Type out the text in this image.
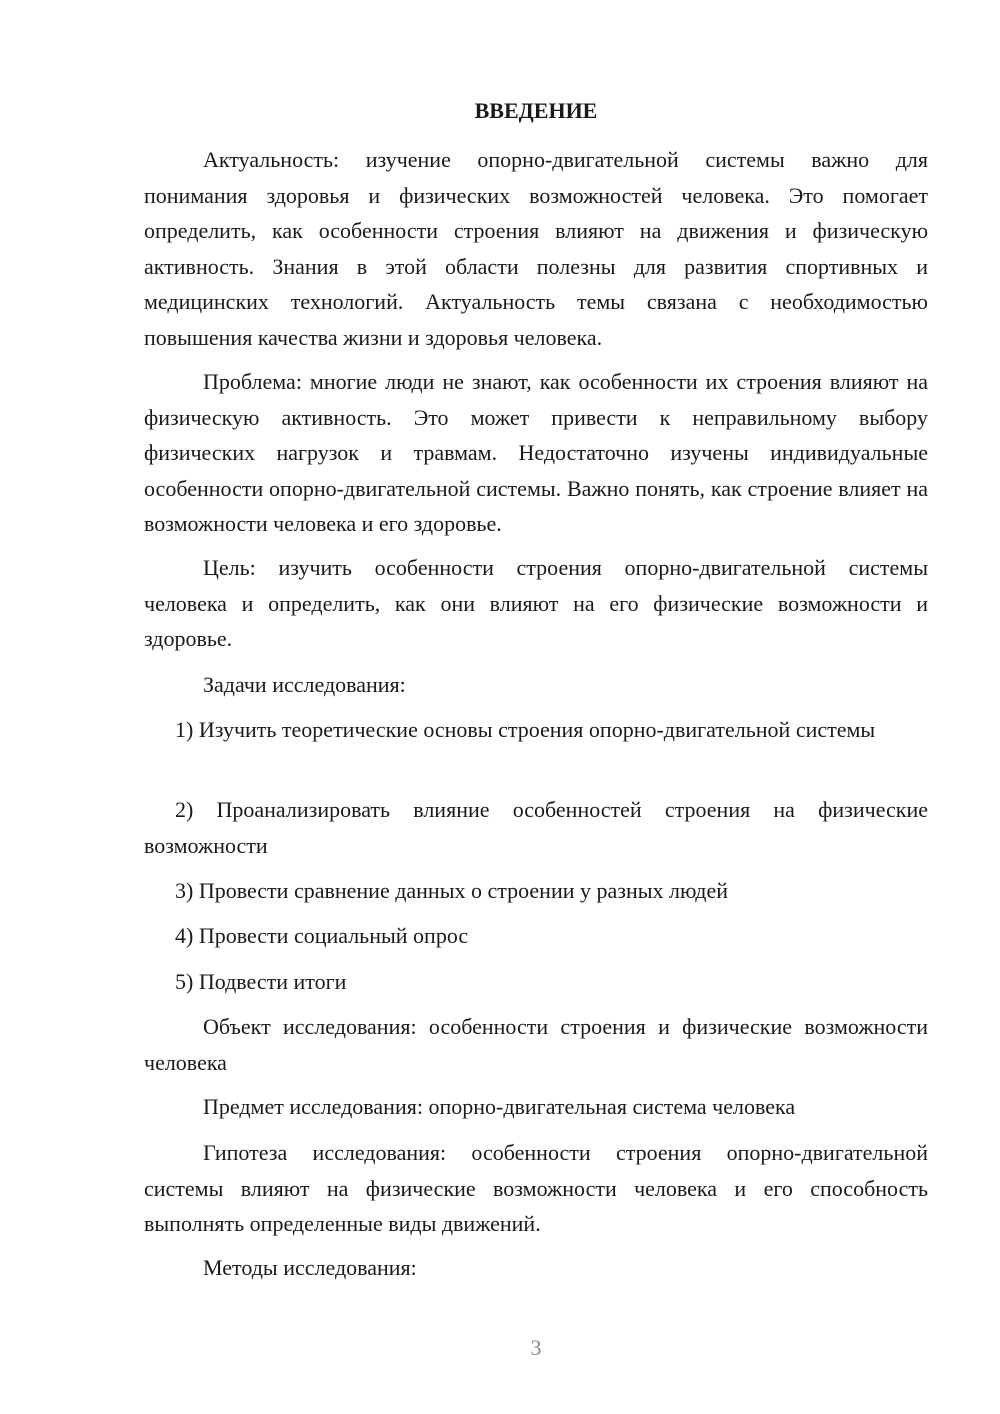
ВВЕДЕНИЕ

Актуальность: изучение опорно-двигательной системы важно для понимания здоровья и физических возможностей человека. Это помогает определить, как особенности строения влияют на движения и физическую активность. Знания в этой области полезны для развития спортивных и медицинских технологий. Актуальность темы связана с необходимостью повышения качества жизни и здоровья человека.

Проблема: многие люди не знают, как особенности их строения влияют на физическую активность. Это может привести к неправильному выбору физических нагрузок и травмам. Недостаточно изучены индивидуальные особенности опорно-двигательной системы. Важно понять, как строение влияет на возможности человека и его здоровье.

Цель: изучить особенности строения опорно-двигательной системы человека и определить, как они влияют на его физические возможности и здоровье.

Задачи исследования:

1) Изучить теоретические основы строения опорно-двигательной системы

2) Проанализировать влияние особенностей строения на физические возможности

3) Провести сравнение данных о строении у разных людей

4) Провести социальный опрос

5) Подвести итоги

Объект исследования: особенности строения и физические возможности человека

Предмет исследования: опорно-двигательная система человека

Гипотеза исследования: особенности строения опорно-двигательной системы влияют на физические возможности человека и его способность выполнять определенные виды движений.

Методы исследования:

3
